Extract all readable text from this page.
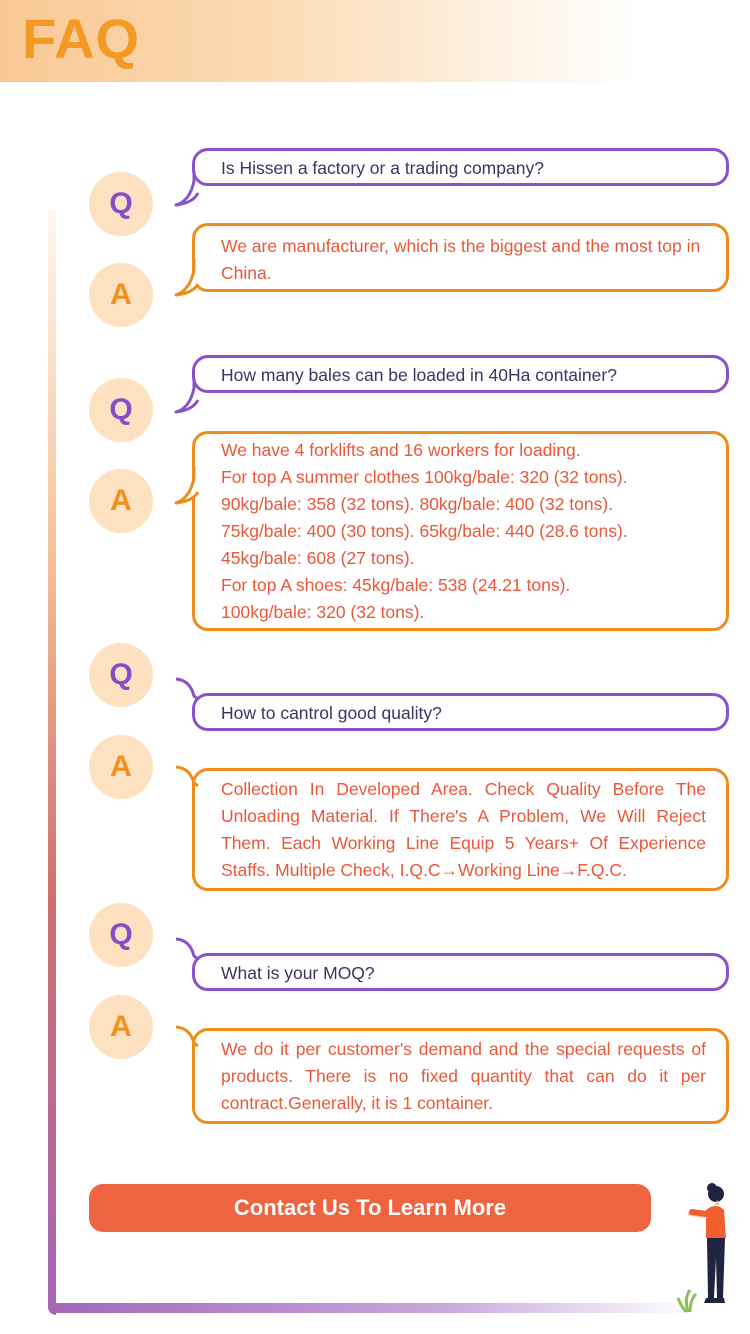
FAQ
Q
Is Hissen a factory or a trading company?
A
We are manufacturer, which is the biggest and the most top in China.
Q
How many bales can be loaded in 40Ha container?
A
We have 4 forklifts and 16 workers for loading.
For top A summer clothes 100kg/bale: 320 (32 tons).
90kg/bale: 358 (32 tons). 80kg/bale: 400 (32 tons).
75kg/bale: 400 (30 tons). 65kg/bale: 440 (28.6 tons).
45kg/bale: 608 (27 tons).
For top A shoes: 45kg/bale: 538 (24.21 tons).
100kg/bale: 320 (32 tons).
Q
How to cantrol good quality?
A
Collection In Developed Area. Check Quality Before The Unloading Material. If There's A Problem, We Will Reject Them. Each Working Line Equip 5 Years+ Of Experience Staffs. Multiple Check, I.Q.C→Working Line→F.Q.C.
Q
What is your MOQ?
A
We do it per customer's demand and the special requests of products. There is no fixed quantity that can do it per contract.Generally, it is 1 container.
Contact Us To Learn More
